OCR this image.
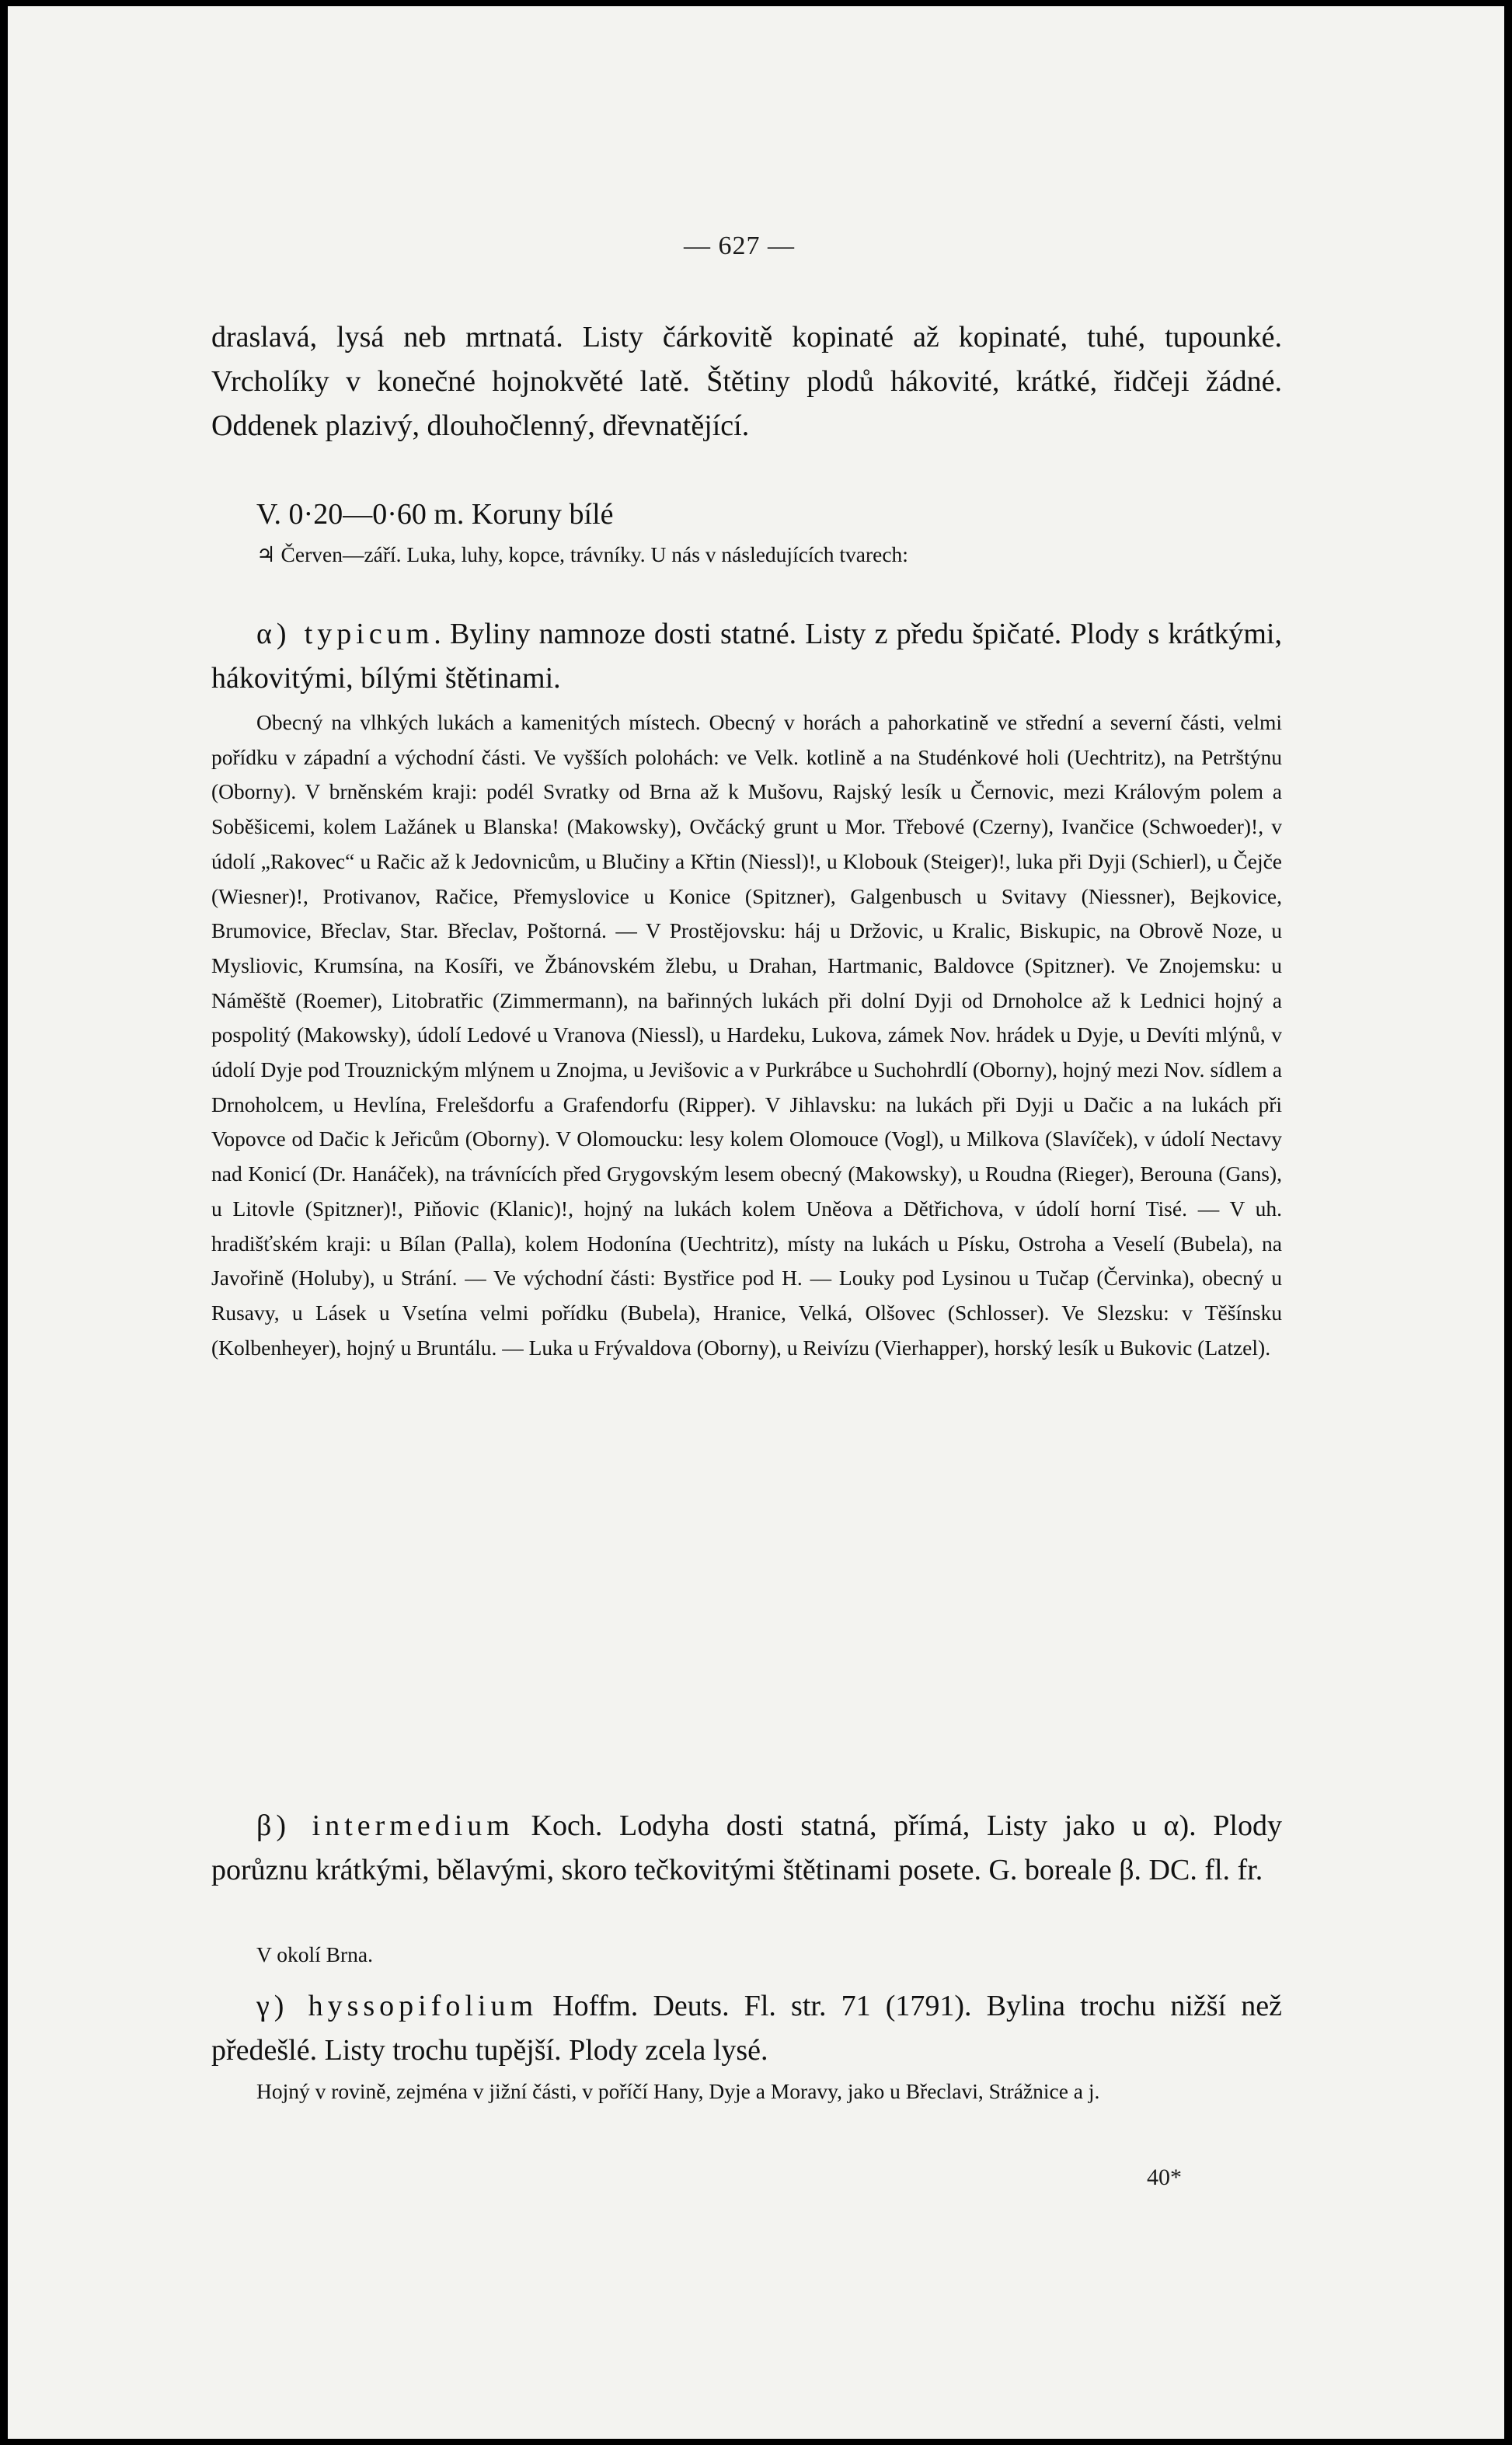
— 627 —

draslavá, lysá neb mrtnatá. Listy čárkovitě kopinaté až kopinaté, tuhé, tupounké. Vrcholíky v konečné hojnokvěté latě. Štětiny plodů hákovité, krátké, řidčeji žádné. Oddenek plazivý, dlouhočlenný, dřevnatějící.

V. 0·20—0·60 m. Koruny bílé

♃ Červen—září. Luka, luhy, kopce, trávníky. U nás v následujících tvarech:

α) typicum. Byliny namnoze dosti statné. Listy z předu špičaté. Plody s krátkými, hákovitými, bílými štětinami.

Obecný na vlhkých lukách a kamenitých místech. Obecný v horách a pahorkatině ve střední a severní části, velmi pořídku v západní a východní části. Ve vyšších polohách: ve Velk. kotlině a na Studénkové holi (Uechtritz), na Petrštýnu (Oborny). V brněnském kraji: podél Svratky od Brna až k Mušovu, Rajský lesík u Černovic, mezi Královým polem a Soběšicemi, kolem Lažánek u Blanska! (Makowsky), Ovčácký grunt u Mor. Třebové (Czerny), Ivančice (Schwoeder)!, v údolí „Rakovec“ u Račic až k Jedovnicům, u Blučiny a Křtin (Niessl)!, u Klobouk (Steiger)!, luka při Dyji (Schierl), u Čejče (Wiesner)!, Protivanov, Račice, Přemyslovice u Konice (Spitzner), Galgenbusch u Svitavy (Niessner), Bejkovice, Brumovice, Břeclav, Star. Břeclav, Poštorná. — V Prostějovsku: háj u Držovic, u Kralic, Biskupic, na Obrově Noze, u Mysliovic, Krumsína, na Kosíři, ve Žbánovském žlebu, u Drahan, Hartmanic, Baldovce (Spitzner). Ve Znojemsku: u Náměště (Roemer), Litobratřic (Zimmermann), na bařinných lukách při dolní Dyji od Drnoholce až k Lednici hojný a pospolitý (Makowsky), údolí Ledové u Vranova (Niessl), u Hardeku, Lukova, zámek Nov. hrádek u Dyje, u Devíti mlýnů, v údolí Dyje pod Trouznickým mlýnem u Znojma, u Jevišovic a v Purkrábce u Suchohrdlí (Oborny), hojný mezi Nov. sídlem a Drnoholcem, u Hevlína, Frelešdorfu a Grafendorfu (Ripper). V Jihlavsku: na lukách při Dyji u Dačic a na lukách při Vopovce od Dačic k Jeřicům (Oborny). V Olomoucku: lesy kolem Olomouce (Vogl), u Milkova (Slavíček), v údolí Nectavy nad Konicí (Dr. Hanáček), na trávnících před Grygovským lesem obecný (Makowsky), u Roudna (Rieger), Berouna (Gans), u Litovle (Spitzner)!, Piňovic (Klanic)!, hojný na lukách kolem Uněova a Dětřichova, v údolí horní Tisé. — V uh. hradišťském kraji: u Bílan (Palla), kolem Hodonína (Uechtritz), místy na lukách u Písku, Ostroha a Veselí (Bubela), na Javořině (Holuby), u Strání. — Ve východní části: Bystřice pod H. — Louky pod Lysinou u Tučap (Červinka), obecný u Rusavy, u Lásek u Vsetína velmi pořídku (Bubela), Hranice, Velká, Olšovec (Schlosser). Ve Slezsku: v Těšínsku (Kolbenheyer), hojný u Bruntálu. — Luka u Frývaldova (Oborny), u Reivízu (Vierhapper), horský lesík u Bukovic (Latzel).

β) intermedium Koch. Lodyha dosti statná, přímá, Listy jako u α). Plody porůznu krátkými, bělavými, skoro tečkovitými štětinami posete. G. boreale β. DC. fl. fr.

V okolí Brna.

γ) hyssopifolium Hoffm. Deuts. Fl. str. 71 (1791). Bylina trochu nižší než předešlé. Listy trochu tupější. Plody zcela lysé.

Hojný v rovině, zejména v jižní části, v poříčí Hany, Dyje a Moravy, jako u Břeclavi, Strážnice a j.

40*
